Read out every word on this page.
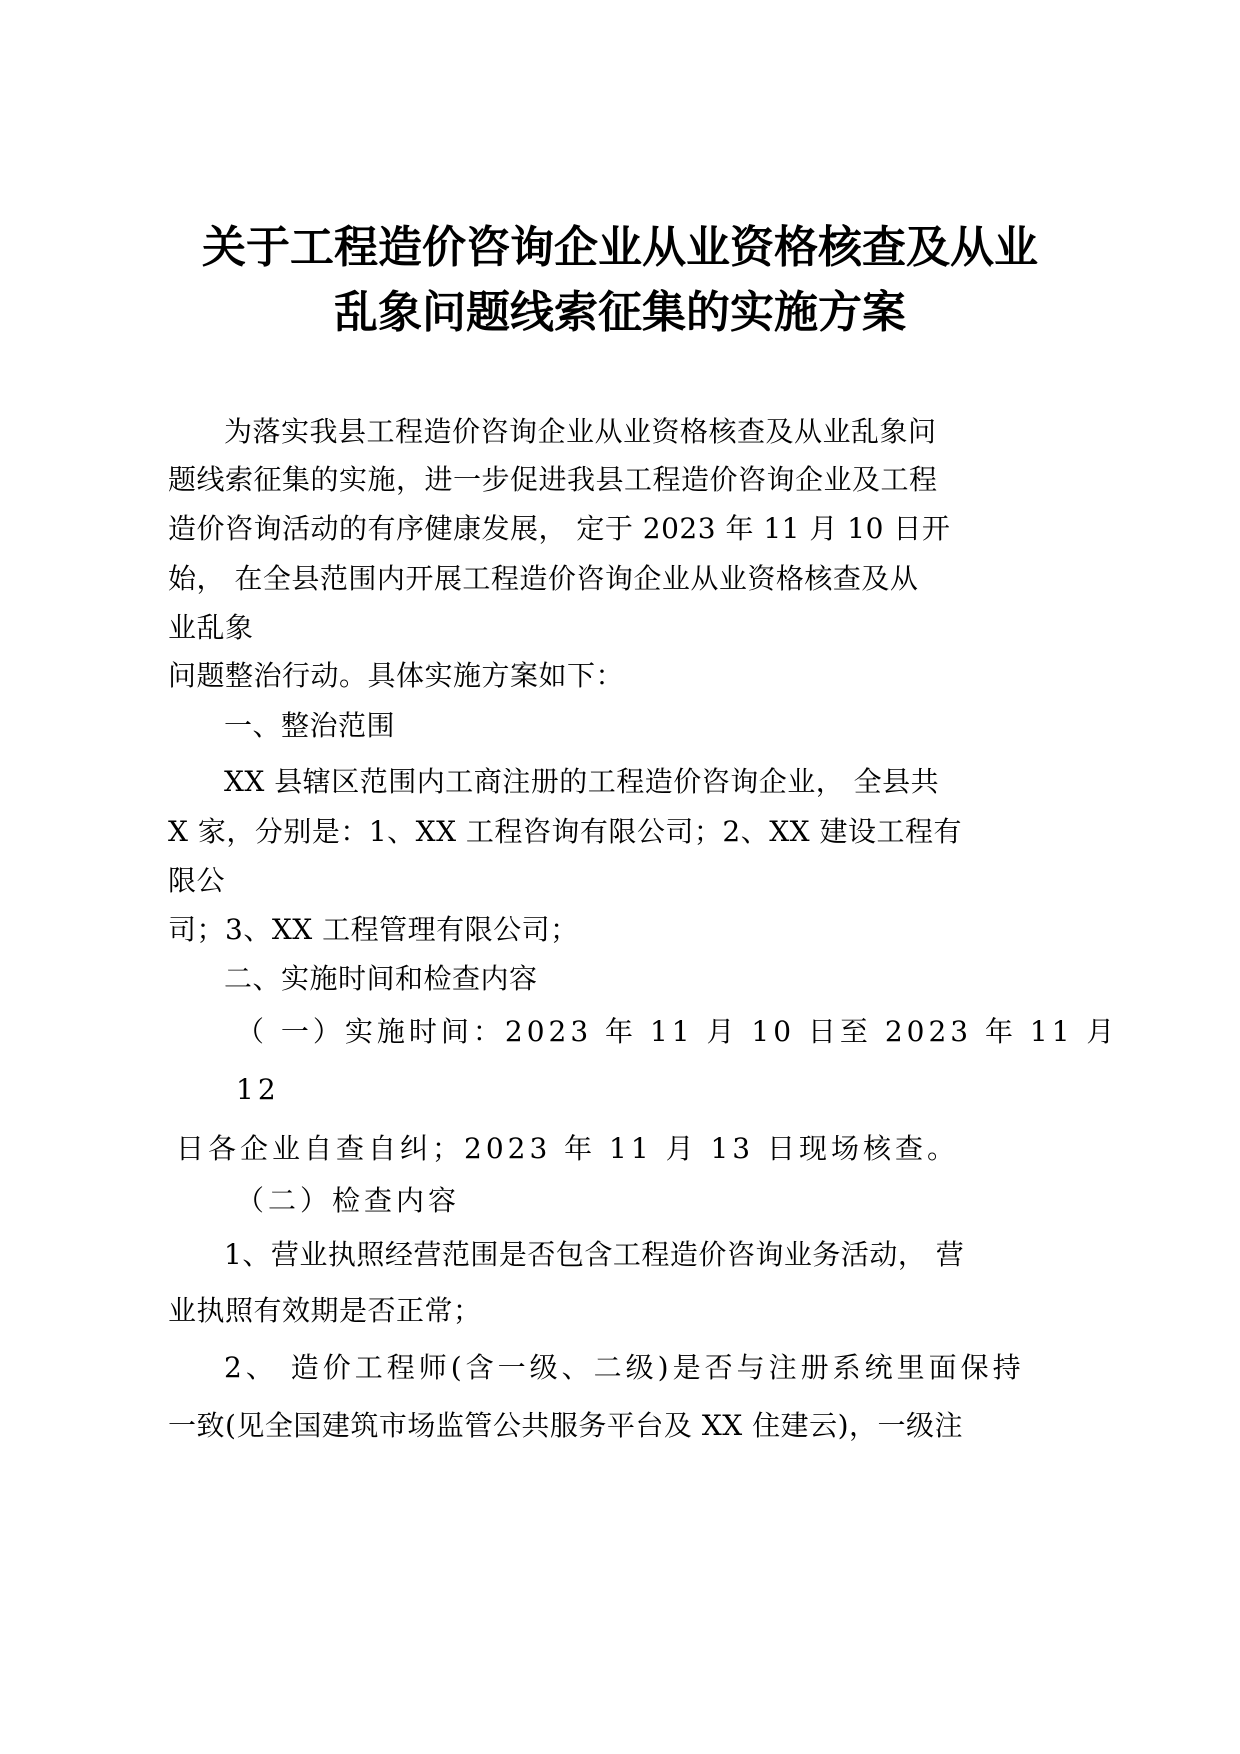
关于工程造价咨询企业从业资格核查及从业
乱象问题线索征集的实施方案
为落实我县工程造价咨询企业从业资格核查及从业乱象问
题线索征集的实施，进一步促进我县工程造价咨询企业及工程
造价咨询活动的有序健康发展， 定于 2023 年 11 月 10 日开
始， 在全县范围内开展工程造价咨询企业从业资格核查及从
业乱象
问题整治行动。具体实施方案如下：
一、整治范围
XX 县辖区范围内工商注册的工程造价咨询企业， 全县共
X 家，分别是：1、XX 工程咨询有限公司；2、XX 建设工程有
限公
司；3、XX 工程管理有限公司；
二、实施时间和检查内容
（ 一）实施时间：2023 年 11 月 10 日至 2023 年 11 月
12
日各企业自查自纠；2023 年 11 月 13 日现场核查。
（二）检查内容
1、营业执照经营范围是否包含工程造价咨询业务活动， 营
业执照有效期是否正常；
2、 造价工程师(含一级、二级)是否与注册系统里面保持
一致(见全国建筑市场监管公共服务平台及 XX 住建云)，一级注
